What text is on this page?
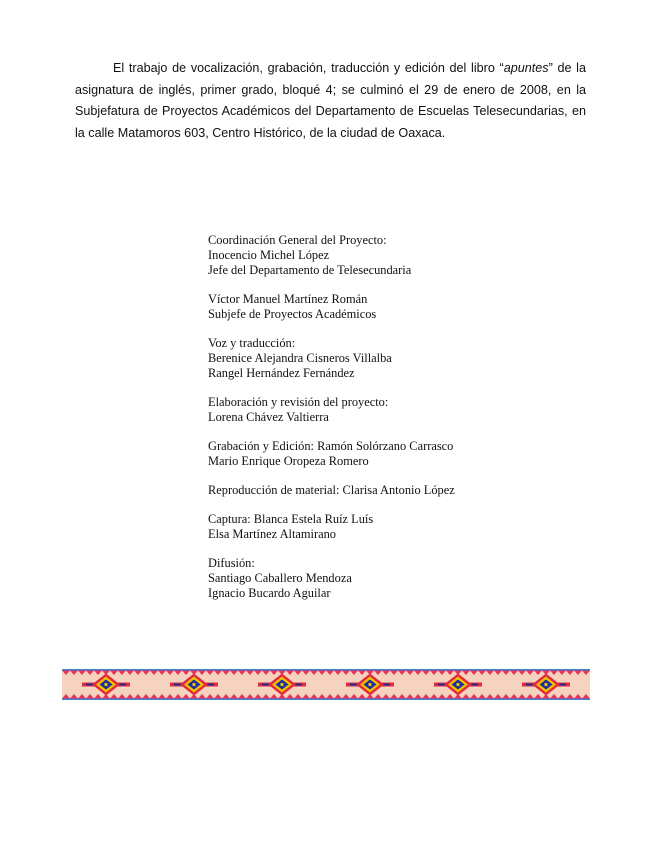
El trabajo de vocalización, grabación, traducción y edición del libro “apuntes” de la asignatura de inglés, primer grado, bloqué 4; se culminó el 29 de enero de 2008, en la Subjefatura de Proyectos Académicos del Departamento de Escuelas Telesecundarias, en la calle Matamoros 603, Centro Histórico, de la ciudad de Oaxaca.

Coordinación General del Proyecto:
Inocencio Michel López
Jefe del Departamento de Telesecundaria
Víctor Manuel Martínez Román
Subjefe de Proyectos Académicos
Voz y traducción:
Berenice Alejandra Cisneros Villalba
Rangel Hernández Fernández
Elaboración y revisión del proyecto:
Lorena Chávez Valtierra
Grabación y Edición: Ramón Solórzano Carrasco
Mario Enrique Oropeza Romero
Reproducción de material: Clarisa Antonio López
Captura: Blanca Estela Ruíz Luís
Elsa Martínez Altamirano
Difusión:
Santiago Caballero Mendoza
Ignacio Bucardo Aguilar
